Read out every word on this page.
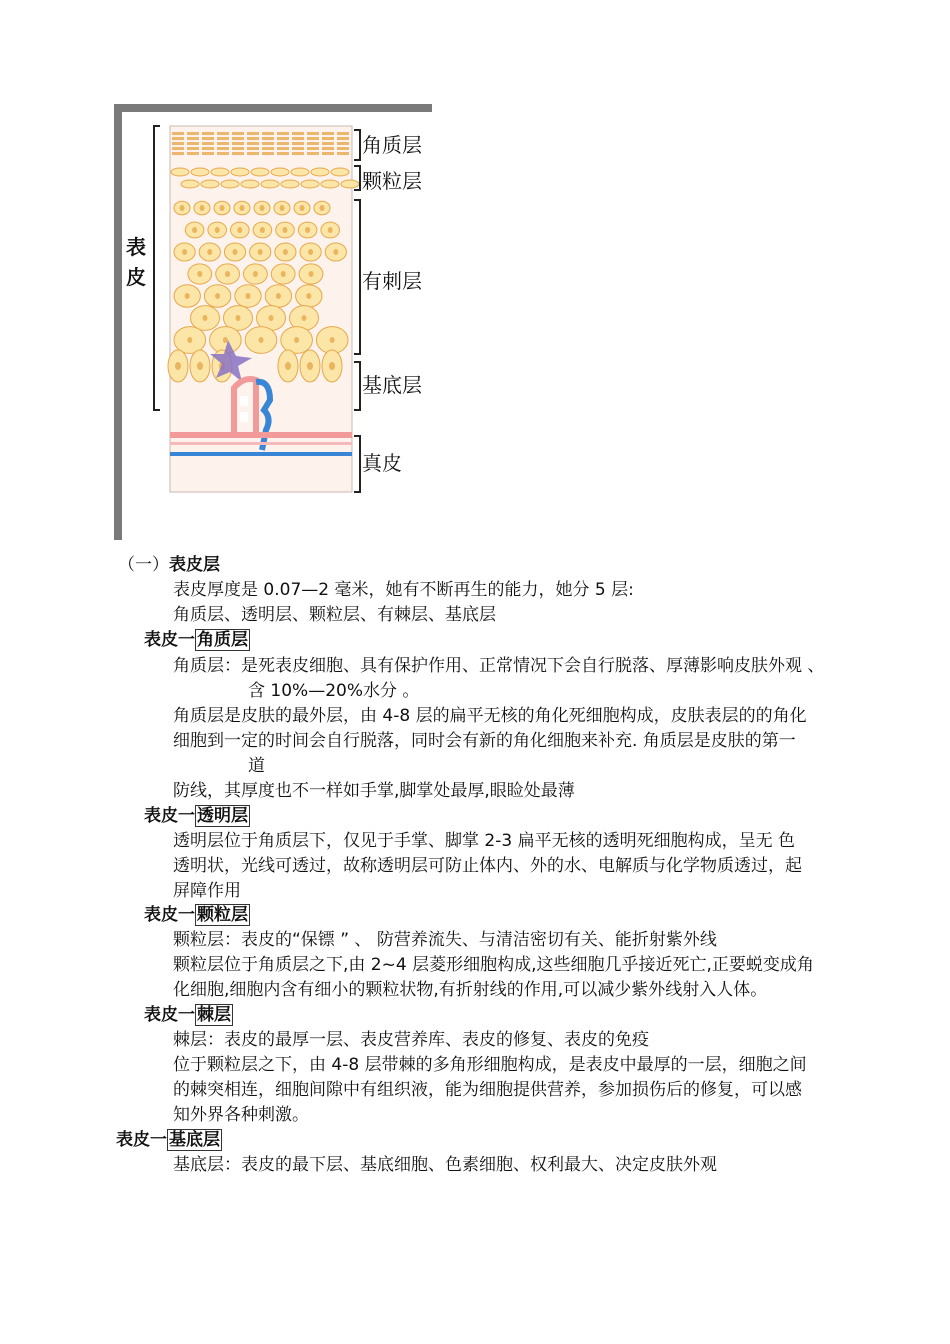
表
皮
角质层
颗粒层
有刺层
基底层
真皮
（一）表皮层
表皮厚度是 0.07—2 毫米，她有不断再生的能力，她分 5 层:
角质层、透明层、颗粒层、有棘层、基底层
表皮一 角质层
角质层：是死表皮细胞、具有保护作用、正常情况下会自行脱落、厚薄影响皮肤外观 、
含 10%—20%水分 。
角质层是皮肤的最外层，由 4-8 层的扁平无核的角化死细胞构成，皮肤表层的的角化
细胞到一定的时间会自行脱落，同时会有新的角化细胞来补充. 角质层是皮肤的第一
道
防线，其厚度也不一样如手掌,脚掌处最厚,眼睑处最薄
表皮一 透明层
透明层位于角质层下，仅见于手掌、脚掌 2-3 扁平无核的透明死细胞构成，呈无 色
透明状，光线可透过，故称透明层可防止体内、外的水、电解质与化学物质透过，起
屏障作用
表皮一 颗粒层
颗粒层：表皮的“保镖 ” 、 防营养流失、与清洁密切有关、能折射紫外线
颗粒层位于角质层之下,由 2~4 层菱形细胞构成,这些细胞几乎接近死亡,正要蜕变成角
化细胞,细胞内含有细小的颗粒状物,有折射线的作用,可以减少紫外线射入人体。
表皮一 棘层
棘层：表皮的最厚一层、表皮营养库、表皮的修复、表皮的免疫
位于颗粒层之下，由 4-8 层带棘的多角形细胞构成，是表皮中最厚的一层，细胞之间
的棘突相连，细胞间隙中有组织液，能为细胞提供营养，参加损伤后的修复，可以感
知外界各种刺激。
表皮一 基底层
基底层：表皮的最下层、基底细胞、色素细胞、权利最大、决定皮肤外观
